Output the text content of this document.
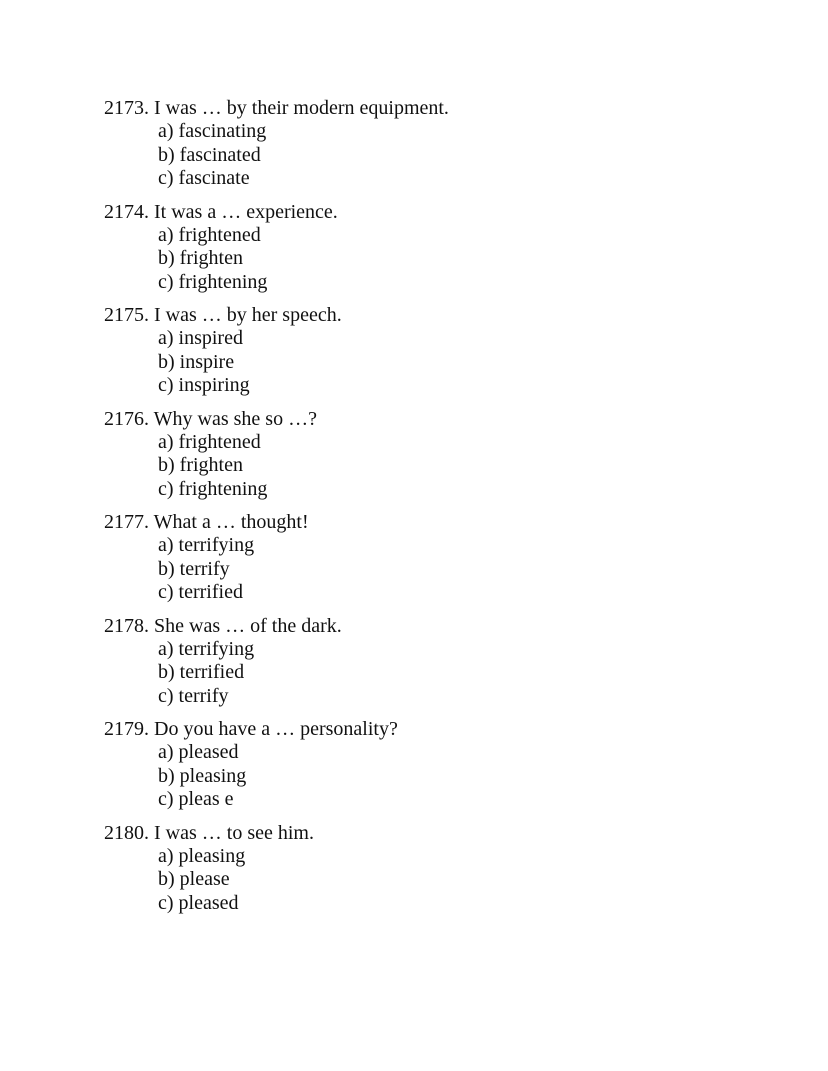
2173. I was … by their modern equipment.
a) fascinating
b) fascinated
c) fascinate
2174. It was a … experience.
a) frightened
b) frighten
c) frightening
2175. I was … by her speech.
a) inspired
b) inspire
c) inspiring
2176. Why was she so …?
a) frightened
b) frighten
c) frightening
2177. What a … thought!
a) terrifying
b) terrify
c) terrified
2178. She was … of the dark.
a) terrifying
b) terrified
c) terrify
2179. Do you have a … personality?
a) pleased
b) pleasing
c) pleas e
2180. I was … to see him.
a) pleasing
b) please
c) pleased
